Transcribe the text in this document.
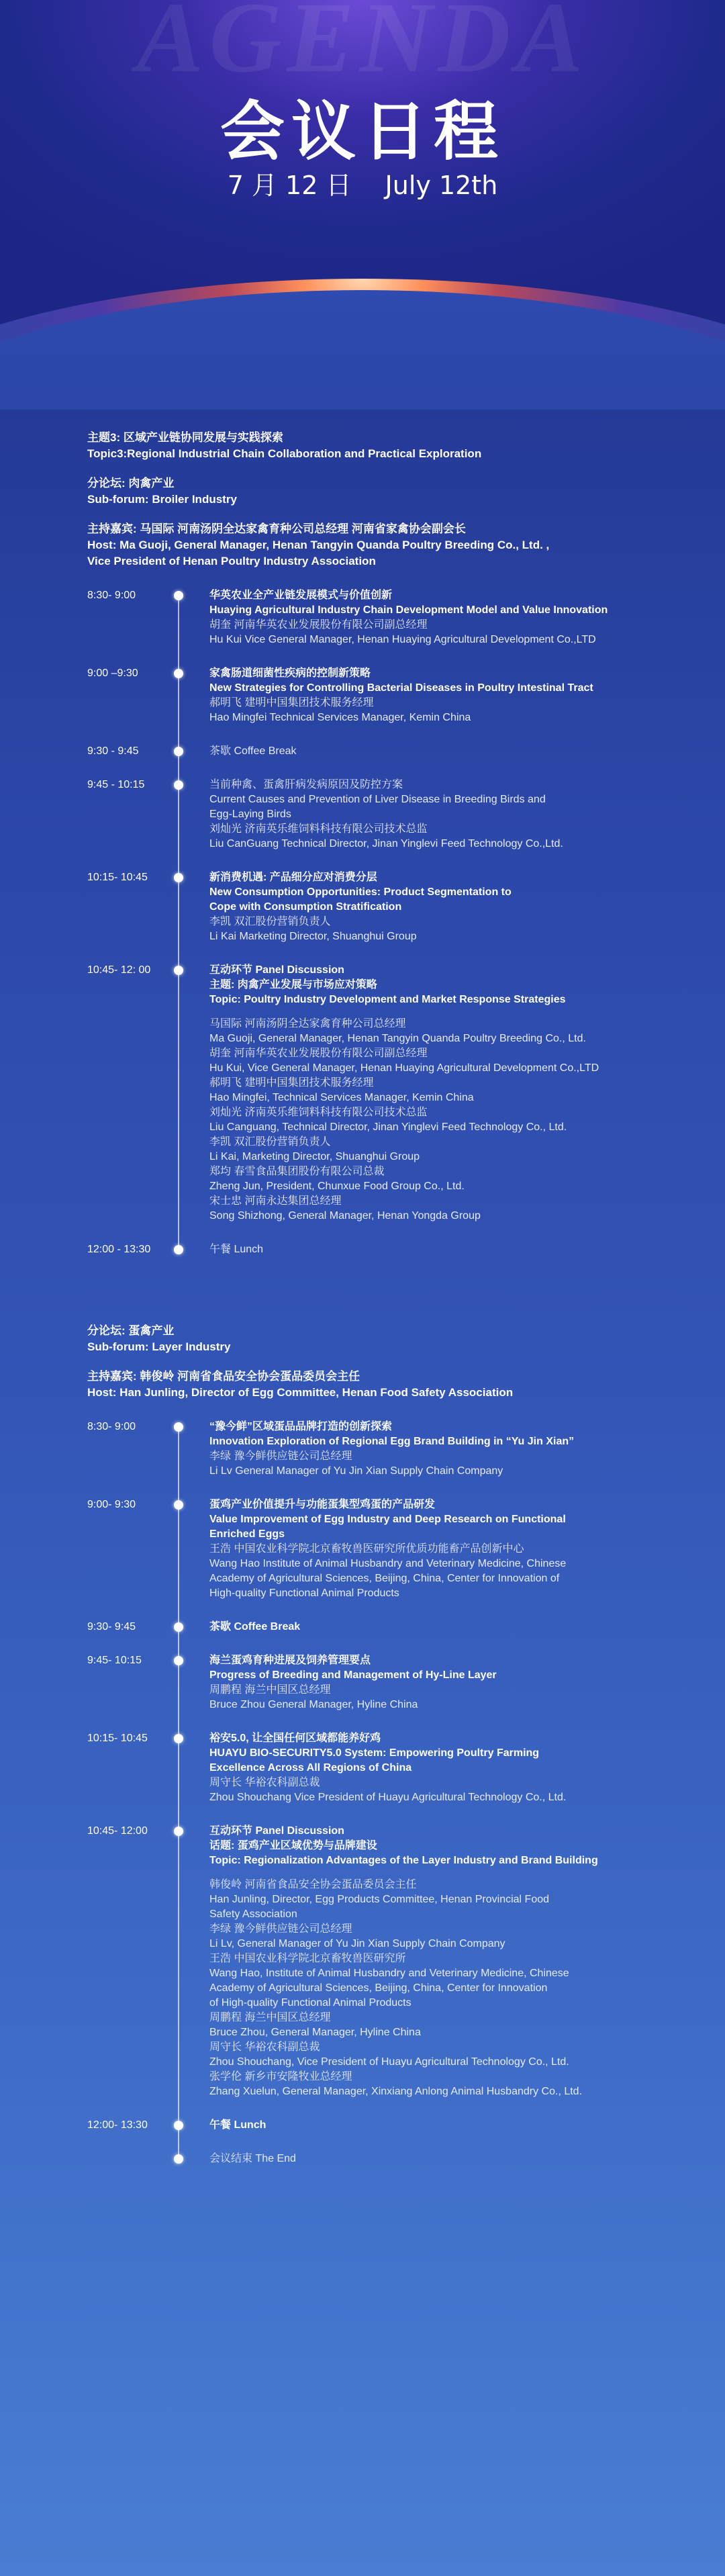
AGENDA
会议日程
7 月 12 日　 July 12th
主题3: 区域产业链协同发展与实践探索
Topic3:Regional Industrial Chain Collaboration and Practical Exploration
分论坛: 肉禽产业
Sub-forum: Broiler Industry
主持嘉宾: 马国际 河南汤阴全达家禽育种公司总经理 河南省家禽协会副会长
Host: Ma Guoji, General Manager, Henan Tangyin Quanda Poultry Breeding Co., Ltd. ,
Vice President of Henan Poultry Industry Association
8:30- 9:00	华英农业全产业链发展模式与价值创新
Huaying Agricultural Industry Chain Development Model and Value Innovation
胡奎 河南华英农业发展股份有限公司副总经理
Hu Kui Vice General Manager, Henan Huaying Agricultural Development Co.,LTD
9:00 –9:30	家禽肠道细菌性疾病的控制新策略
New Strategies for Controlling Bacterial Diseases in Poultry Intestinal Tract
郝明飞 建明中国集团技术服务经理
Hao Mingfei Technical Services Manager, Kemin China
9:30 - 9:45	茶歇 Coffee Break
9:45 - 10:15	当前种禽、蛋禽肝病发病原因及防控方案
Current Causes and Prevention of Liver Disease in Breeding Birds and
Egg-Laying Birds
刘灿光 济南英乐维饲料科技有限公司技术总监
Liu CanGuang Technical Director, Jinan Yinglevi Feed Technology Co.,Ltd.
10:15- 10:45	新消费机遇: 产品细分应对消费分层
New Consumption Opportunities: Product Segmentation to
Cope with Consumption Stratification
李凯 双汇股份营销负责人
Li Kai Marketing Director, Shuanghui Group
10:45- 12: 00	互动环节 Panel Discussion
主题: 肉禽产业发展与市场应对策略
Topic: Poultry Industry Development and Market Response Strategies
马国际 河南汤阴全达家禽育种公司总经理
Ma Guoji, General Manager, Henan Tangyin Quanda Poultry Breeding Co., Ltd.
胡奎 河南华英农业发展股份有限公司副总经理
Hu Kui, Vice General Manager, Henan Huaying Agricultural Development Co.,LTD
郝明飞 建明中国集团技术服务经理
Hao Mingfei, Technical Services Manager, Kemin China
刘灿光 济南英乐维饲料科技有限公司技术总监
Liu Canguang, Technical Director, Jinan Yinglevi Feed Technology Co., Ltd.
李凯 双汇股份营销负责人
Li Kai, Marketing Director, Shuanghui Group
郑均 春雪食品集团股份有限公司总裁
Zheng Jun, President, Chunxue Food Group Co., Ltd.
宋士忠 河南永达集团总经理
Song Shizhong, General Manager, Henan Yongda Group
12:00 - 13:30	午餐 Lunch
分论坛: 蛋禽产业
Sub-forum: Layer Industry
主持嘉宾: 韩俊岭 河南省食品安全协会蛋品委员会主任
Host: Han Junling, Director of Egg Committee, Henan Food Safety Association
8:30- 9:00	“豫今鲜”区域蛋品品牌打造的创新探索
Innovation Exploration of Regional Egg Brand Building in “Yu Jin Xian”
李绿 豫今鲜供应链公司总经理
Li Lv General Manager of Yu Jin Xian Supply Chain Company
9:00- 9:30	蛋鸡产业价值提升与功能蛋集型鸡蛋的产品研发
Value Improvement of Egg Industry and Deep Research on Functional
Enriched Eggs
王浩 中国农业科学院北京畜牧兽医研究所优质功能畜产品创新中心
Wang Hao Institute of Animal Husbandry and Veterinary Medicine, Chinese
Academy of Agricultural Sciences, Beijing, China, Center for Innovation of
High-quality Functional Animal Products
9:30- 9:45	茶歇 Coffee Break
9:45- 10:15	海兰蛋鸡育种进展及饲养管理要点
Progress of Breeding and Management of Hy-Line Layer
周鹏程 海兰中国区总经理
Bruce Zhou General Manager, Hyline China
10:15- 10:45	裕安5.0, 让全国任何区域都能养好鸡
HUAYU BIO-SECURITY5.0 System: Empowering Poultry Farming
Excellence Across All Regions of China
周守长 华裕农科副总裁
Zhou Shouchang Vice President of Huayu Agricultural Technology Co., Ltd.
10:45- 12:00	互动环节 Panel Discussion
话题: 蛋鸡产业区域优势与品牌建设
Topic: Regionalization Advantages of the Layer Industry and Brand Building
韩俊岭 河南省食品安全协会蛋品委员会主任
Han Junling, Director, Egg Products Committee, Henan Provincial Food
Safety Association
李绿 豫今鲜供应链公司总经理
Li Lv, General Manager of Yu Jin Xian Supply Chain Company
王浩 中国农业科学院北京畜牧兽医研究所
Wang Hao, Institute of Animal Husbandry and Veterinary Medicine, Chinese
Academy of Agricultural Sciences, Beijing, China, Center for Innovation
of High-quality Functional Animal Products
周鹏程 海兰中国区总经理
Bruce Zhou, General Manager, Hyline China
周守长 华裕农科副总裁
Zhou Shouchang, Vice President of Huayu Agricultural Technology Co., Ltd.
张学伦 新乡市安隆牧业总经理
Zhang Xuelun, General Manager, Xinxiang Anlong Animal Husbandry Co., Ltd.
12:00- 13:30	午餐 Lunch
会议结束 The End
